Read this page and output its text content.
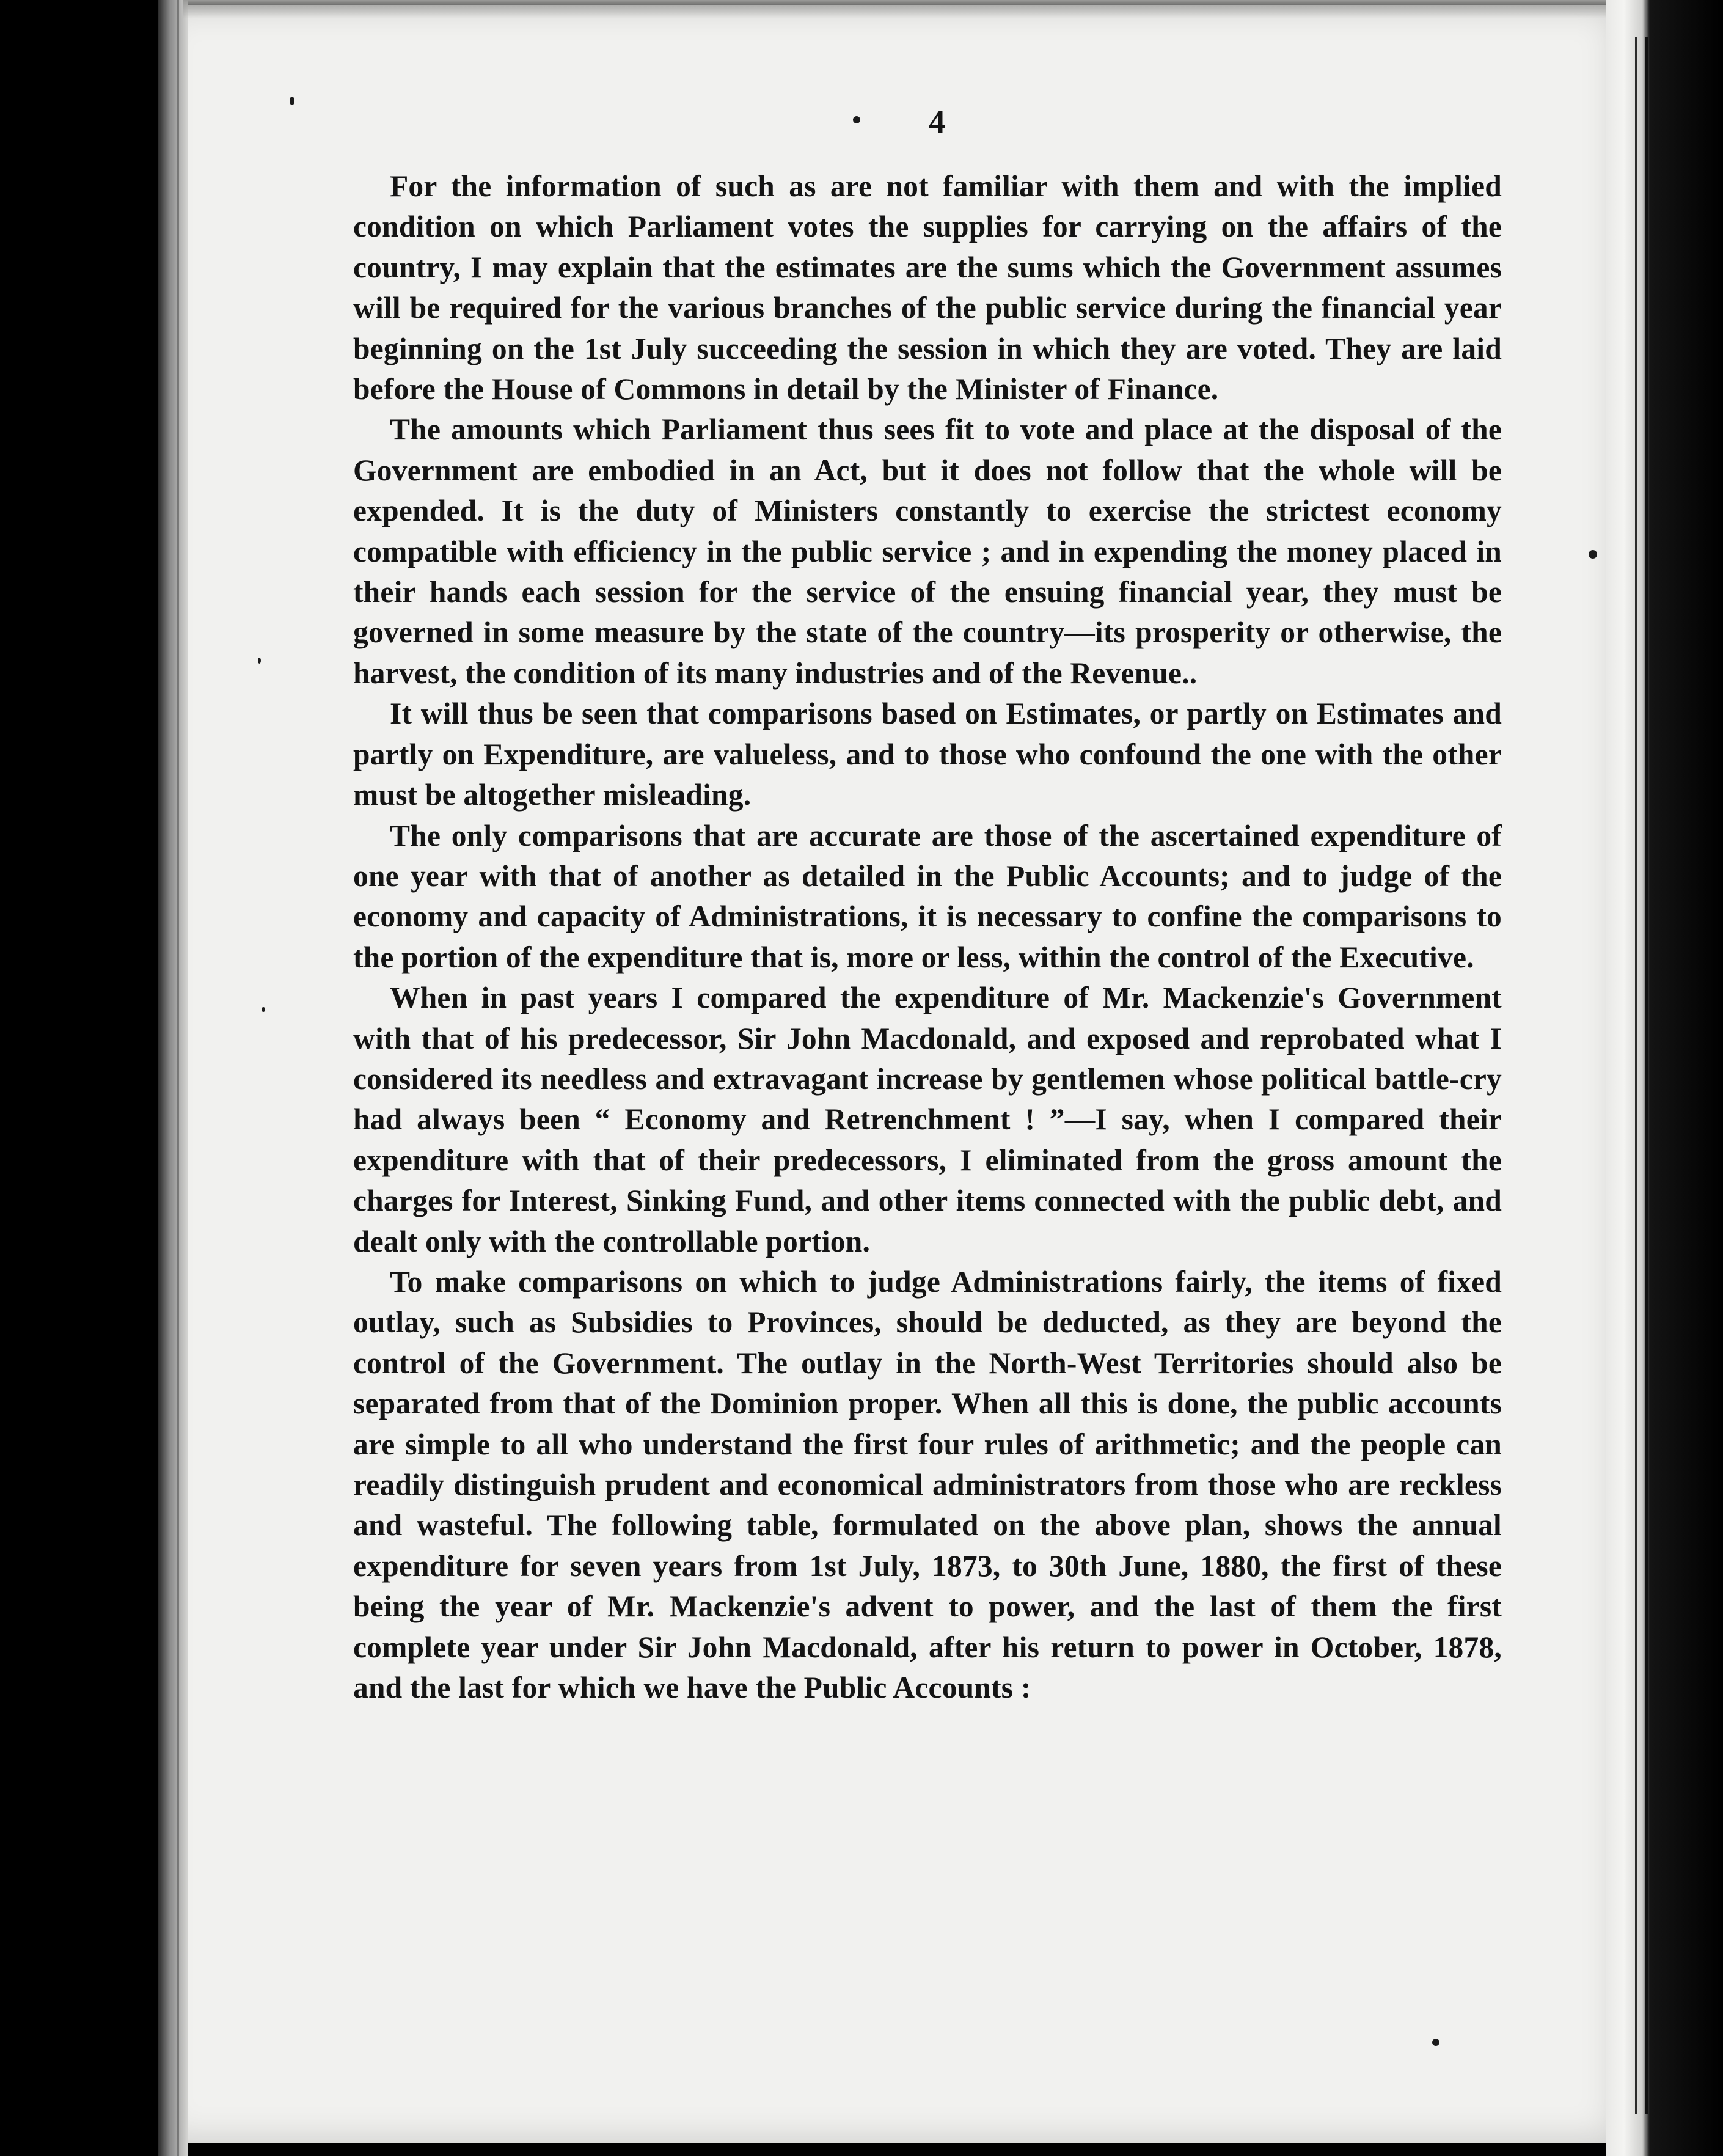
4

For the information of such as are not familiar with them and with the implied condition on which Parliament votes the supplies for carrying on the affairs of the country, I may explain that the estimates are the sums which the Government assumes will be required for the various branches of the public service during the financial year beginning on the 1st July succeeding the session in which they are voted. They are laid before the House of Commons in detail by the Minister of Finance.

The amounts which Parliament thus sees fit to vote and place at the disposal of the Government are embodied in an Act, but it does not follow that the whole will be expended. It is the duty of Ministers constantly to exercise the strictest economy compatible with efficiency in the public service ; and in expending the money placed in their hands each session for the service of the ensuing financial year, they must be governed in some measure by the state of the country—its prosperity or otherwise, the harvest, the condition of its many industries and of the Revenue..

It will thus be seen that comparisons based on Estimates, or partly on Estimates and partly on Expenditure, are valueless, and to those who confound the one with the other must be altogether misleading.

The only comparisons that are accurate are those of the ascertained expenditure of one year with that of another as detailed in the Public Accounts; and to judge of the economy and capacity of Administrations, it is necessary to confine the comparisons to the portion of the expenditure that is, more or less, within the control of the Executive.

When in past years I compared the expenditure of Mr. Mackenzie's Government with that of his predecessor, Sir John Macdonald, and exposed and reprobated what I considered its needless and extravagant increase by gentlemen whose political battle-cry had always been “ Economy and Retrenchment ! ”—I say, when I compared their expenditure with that of their predecessors, I eliminated from the gross amount the charges for Interest, Sinking Fund, and other items connected with the public debt, and dealt only with the controllable portion.

To make comparisons on which to judge Administrations fairly, the items of fixed outlay, such as Subsidies to Provinces, should be deducted, as they are beyond the control of the Government. The outlay in the North-West Territories should also be separated from that of the Dominion proper. When all this is done, the public accounts are simple to all who understand the first four rules of arithmetic; and the people can readily distinguish prudent and economical administrators from those who are reckless and wasteful. The following table, formulated on the above plan, shows the annual expenditure for seven years from 1st July, 1873, to 30th June, 1880, the first of these being the year of Mr. Mackenzie's advent to power, and the last of them the first complete year under Sir John Macdonald, after his return to power in October, 1878, and the last for which we have the Public Accounts :
